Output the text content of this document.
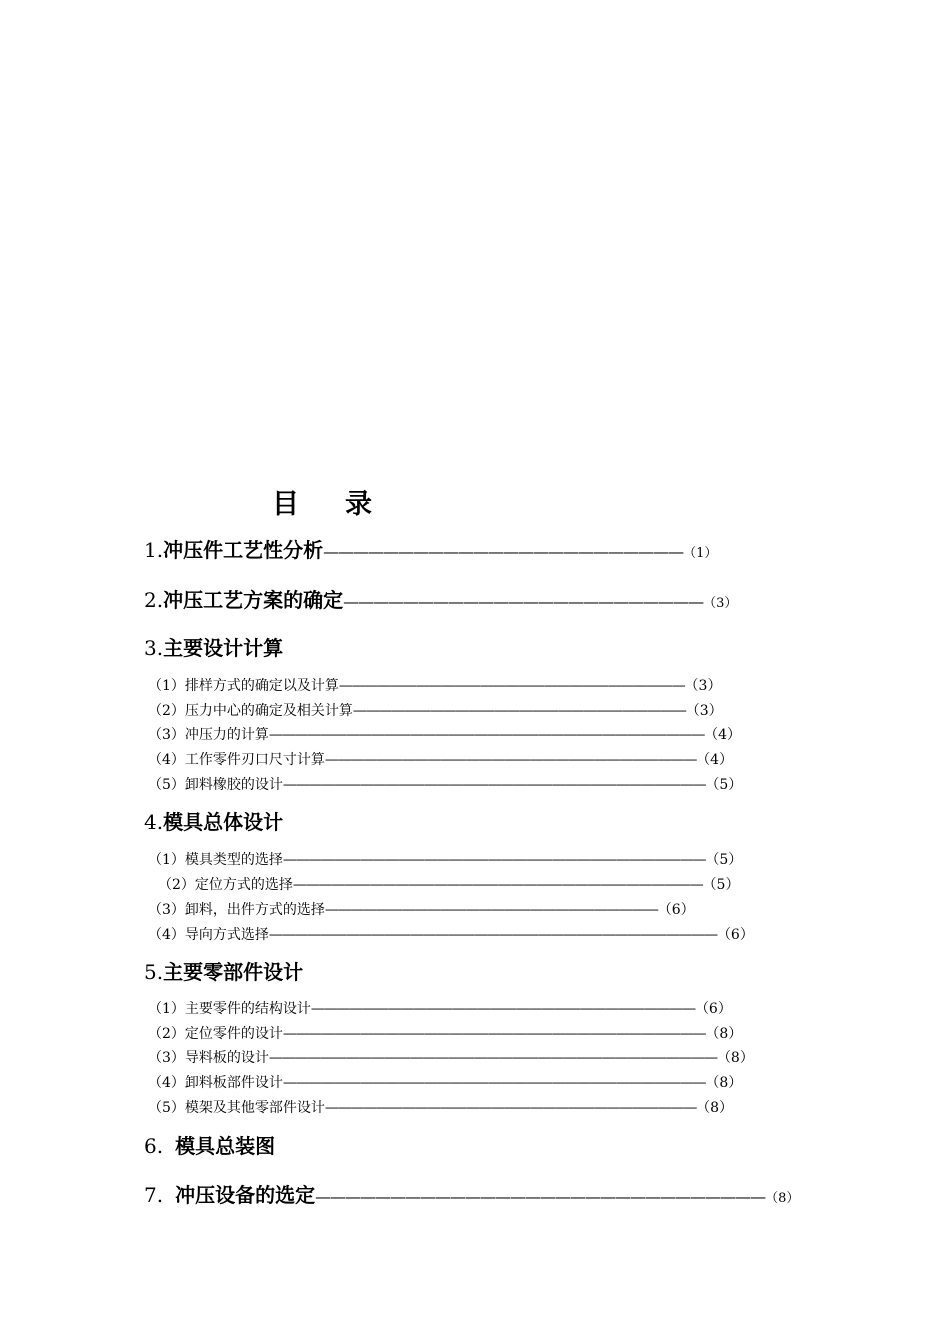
目 录
1.冲压件工艺性分析————————————————————————（1）
2.冲压工艺方案的确定————————————————————————（3）
3.主要设计计算
（1）排样方式的确定以及计算———————————————————————————（3）
（2）压力中心的确定及相关计算——————————————————————————（3）
（3）冲压力的计算——————————————————————————————————（4）
（4）工作零件刃口尺寸计算—————————————————————————————（4）
（5）卸料橡胶的设计—————————————————————————————————（5）
4.模具总体设计
（1）模具类型的选择—————————————————————————————————（5）
（2）定位方式的选择————————————————————————————————（5）
（3）卸料，出件方式的选择——————————————————————————（6）
（4）导向方式选择———————————————————————————————————（6）
5.主要零部件设计
（1）主要零件的结构设计——————————————————————————————（6）
（2）定位零件的设计—————————————————————————————————（8）
（3）导料板的设计———————————————————————————————————（8）
（4）卸料板部件设计—————————————————————————————————（8）
（5）模架及其他零部件设计—————————————————————————————（8）
6. 模具总装图
7. 冲压设备的选定——————————————————————————————（8）
